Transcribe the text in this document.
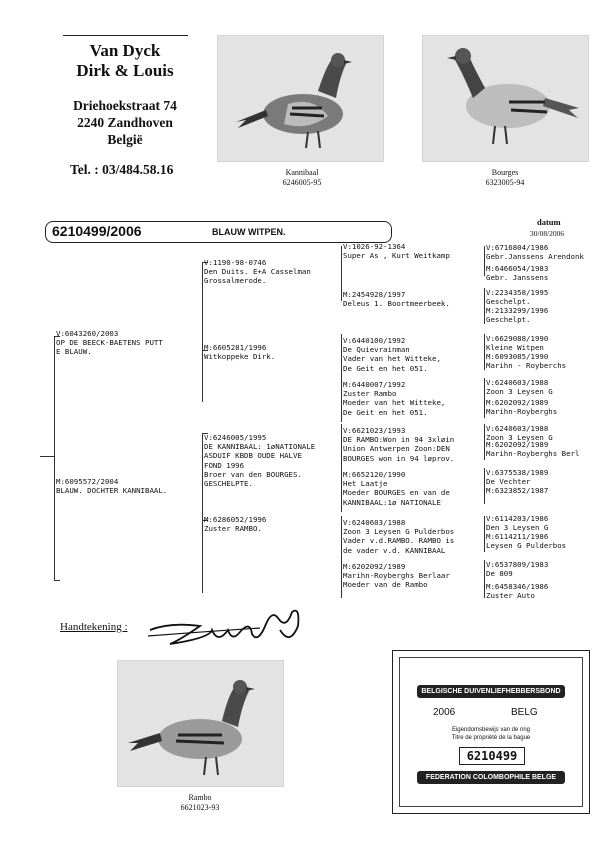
Van Dyck
Dirk & Louis
Driehoekstraat 74
2240 Zandhoven
België
Tel. : 03/484.58.16	Kannibaal
6246005-95
Bourges
6323005-94
datum
30/08/2006
6210499/2006	BLAUW WITPEN.
V:6043260/2003
OP DE BEECK-BAETENS PUTT
E BLAUW.
M:6095572/2004
BLAUW. DOCHTER KANNIBAAL.
V:1190-98-0746
Den Duits. E+A Casselman
Grossalmerode.
M:6605281/1996
Witkoppeke Dirk.
V:6246005/1995
DE KANNIBAAL: 1øNATIONALE
ASDUIF KBDB OUDE HALVE
FOND 1996
Broer van den BOURGES.
GESCHELPTE.
M:6286052/1996
Zuster RAMBO.
V:1026-92-1364
Super As , Kurt Weitkamp
M:2454928/1997
Deleus 1. Boortmeerbeek.
V:6440100/1992
De Quievrainman
Vader van het Witteke,
De Geit en het 051.
M:6440007/1992
Zuster Rambo
Moeder van het Witteke,
De Geit en het 051.
V:6621023/1993
DE RAMBO:Won in 94 3xløin
Union Antwerpen Zoon:DEN
BOURGES won in 94 løprov.
M:6652120/1990
Het Laatje
Moeder BOURGES en van de
KANNIBAAL:1ø NATIONALE
V:6240603/1988
Zoon 3 Leysen G Pulderbos
Vader v.d.RAMBO. RAMBO is
de vader v.d. KANNIBAAL
M:6202092/1989
Marihn-Royberghs Berlaar
Moeder van de Rambo
V:6716804/1986
Gebr.Janssens Arendonk
M:6466054/1983
Gebr. Janssens
V:2234358/1995
Geschelpt.
M:2133299/1996
Geschelpt.
V:6629088/1990
Kleine Witpen
M:6093085/1990
Marihn - Royberchs
V:6240603/1988
Zoon 3 Leysen G
M:6202092/1989
Marihn-Royberghs
V:6240603/1988
Zoon 3 Leysen G
M:6202092/1989
Marihn-Royberghs Berl
V:6375538/1989
De Vechter
M:6323852/1987

V:6114203/1986
Den 3 Leysen G
M:6114211/1986
Leysen G Pulderbos
V:6537809/1983
De 809
M:6458346/1986
Zuster Auto
Handtekening :
Rambo
6621023-93
BELGISCHE DUIVENLIEFHEBBERSBOND
2006	BELG
Eigendomsbewijs van de ring
Titre de propriété de la bague
6210499
FEDERATION COLOMBOPHILE BELGE
